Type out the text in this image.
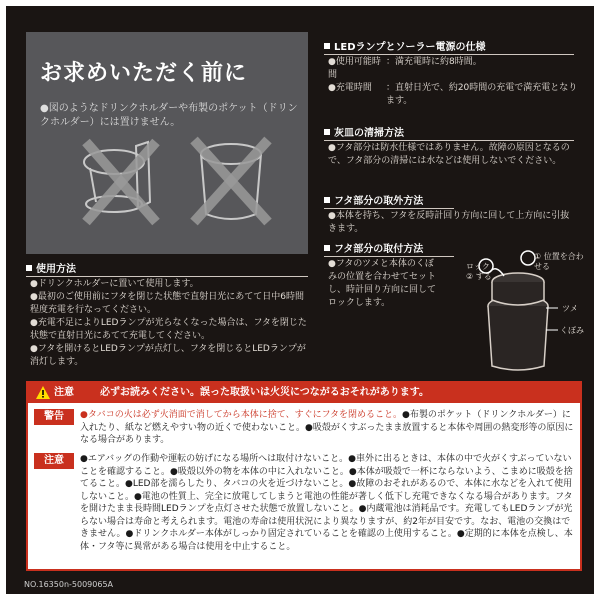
お求めいただく前に
●図のようなドリンクホルダーや布製のポケット（ドリンクホルダー）には置けません。
使用方法
●ドリンクホルダーに置いて使用します。
●最初のご使用前にフタを閉じた状態で直射日光にあてて日中6時間程度充電を行なってください。
●充電不足によりLEDランプが光らなくなった場合は、フタを閉じた状態で直射日光にあてて充電してください。
●フタを開けるとLEDランプが点灯し、フタを閉じるとLEDランプが消灯します。
LEDランプとソーラー電源の仕様
●使用可能時間
：満充電時に約8時間。
●充電時間	：直射日光で、約20時間の充電で満充電となります。
灰皿の清掃方法
●フタ部分は防水仕様ではありません。故障の原因となるので、フタ部分の清掃には水などは使用しないでください。
フタ部分の取外方法
●本体を持ち、フタを反時計回り方向に回して上方向に引抜きます。
フタ部分の取付方法
●フタのツメと本体のくぼみの位置を合わせてセットし、時計回り方向に回してロックします。
① 位置を合わせる
ロック ② する
ツメ
くぼみ
注意	必ずお読みください。誤った取扱いは火災につながるおそれがあります。
警告	●タバコの火は必ず火消面で消してから本体に捨て、すぐにフタを閉めること。●布製のポケット（ドリンクホルダー）に入れたり、紙など燃えやすい物の近くで使わないこと。●吸殻がくすぶったまま放置すると本体や周囲の熱変形等の原因になる場合があります。
注意	●エアバッグの作動や運転の妨げになる場所へは取付けないこと。●車外に出るときは、本体の中で火がくすぶっていないことを確認すること。●吸殻以外の物を本体の中に入れないこと。●本体が吸殻で一杯にならないよう、こまめに吸殻を捨てること。●LED部を濡らしたり、タバコの火を近づけないこと。●故障のおそれがあるので、本体に水などを入れて使用しないこと。●電池の性質上、完全に放電してしまうと電池の性能が著しく低下し充電できなくなる場合があります。フタを開けたまま長時間LEDランプを点灯させた状態で放置しないこと。●内蔵電池は消耗品です。充電してもLEDランプが光らない場合は寿命と考えられます。電池の寿命は使用状況により異なりますが、約2年が目安です。なお、電池の交換はできません。●ドリンクホルダー本体がしっかり固定されていることを確認の上使用すること。●定期的に本体を点検し、本体・フタ等に異常がある場合は使用を中止すること。
NO.16350n-5009065A
